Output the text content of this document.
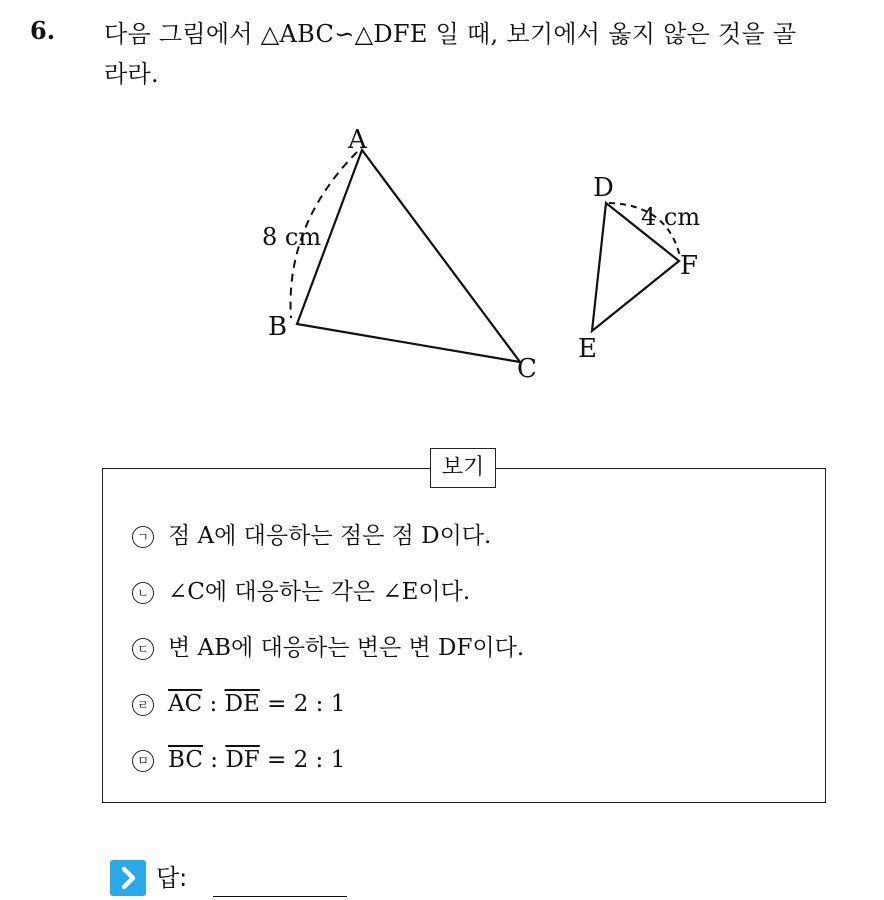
6. 다음 그림에서 △ABC∽△DFE 일 때, 보기에서 옳지 않은 것을 골
라라.
A
B
C
8 cm
D
F
E
4 cm
보기
ㄱ 점 A에 대응하는 점은 점 D이다.
ㄴ ∠C에 대응하는 각은 ∠E이다.
ㄷ 변 AB에 대응하는 변은 변 DF이다.
ㄹ $\overline{AC}$ : $\overline{DE} = 2$ : 1
ㅁ $\overline{BC}$ : $\overline{DF} = 2$ : 1
답:
